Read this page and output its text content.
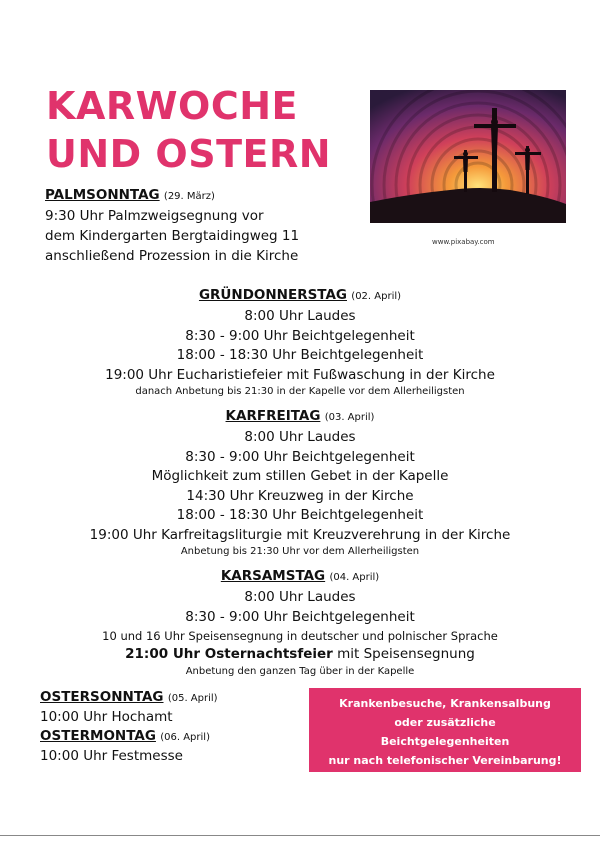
KARWOCHE
UND OSTERN
PALMSONNTAG (29. März)
9:30 Uhr Palmzweigsegnung vor
dem Kindergarten Bergtaidingweg 11
anschließend Prozession in die Kirche
www.pixabay.com
GRÜNDONNERSTAG (02. April)
8:00 Uhr Laudes
8:30 - 9:00 Uhr Beichtgelegenheit
18:00 - 18:30 Uhr Beichtgelegenheit
19:00 Uhr Eucharistiefeier mit Fußwaschung in der Kirche
danach Anbetung bis 21:30 in der Kapelle vor dem Allerheiligsten
KARFREITAG (03. April)
8:00 Uhr Laudes
8:30 - 9:00 Uhr Beichtgelegenheit
Möglichkeit zum stillen Gebet in der Kapelle
14:30 Uhr Kreuzweg in der Kirche
18:00 - 18:30 Uhr Beichtgelegenheit
19:00 Uhr Karfreitagsliturgie mit Kreuzverehrung in der Kirche
Anbetung bis 21:30 Uhr vor dem Allerheiligsten
KARSAMSTAG (04. April)
8:00 Uhr Laudes
8:30 - 9:00 Uhr Beichtgelegenheit
10 und 16 Uhr Speisensegnung in deutscher und polnischer Sprache
21:00 Uhr Osternachtsfeier mit Speisensegnung
Anbetung den ganzen Tag über in der Kapelle
OSTERSONNTAG (05. April)
10:00 Uhr Hochamt
OSTERMONTAG (06. April)
10:00 Uhr Festmesse
Krankenbesuche, Krankensalbung
oder zusätzliche
Beichtgelegenheiten
nur nach telefonischer Vereinbarung!
